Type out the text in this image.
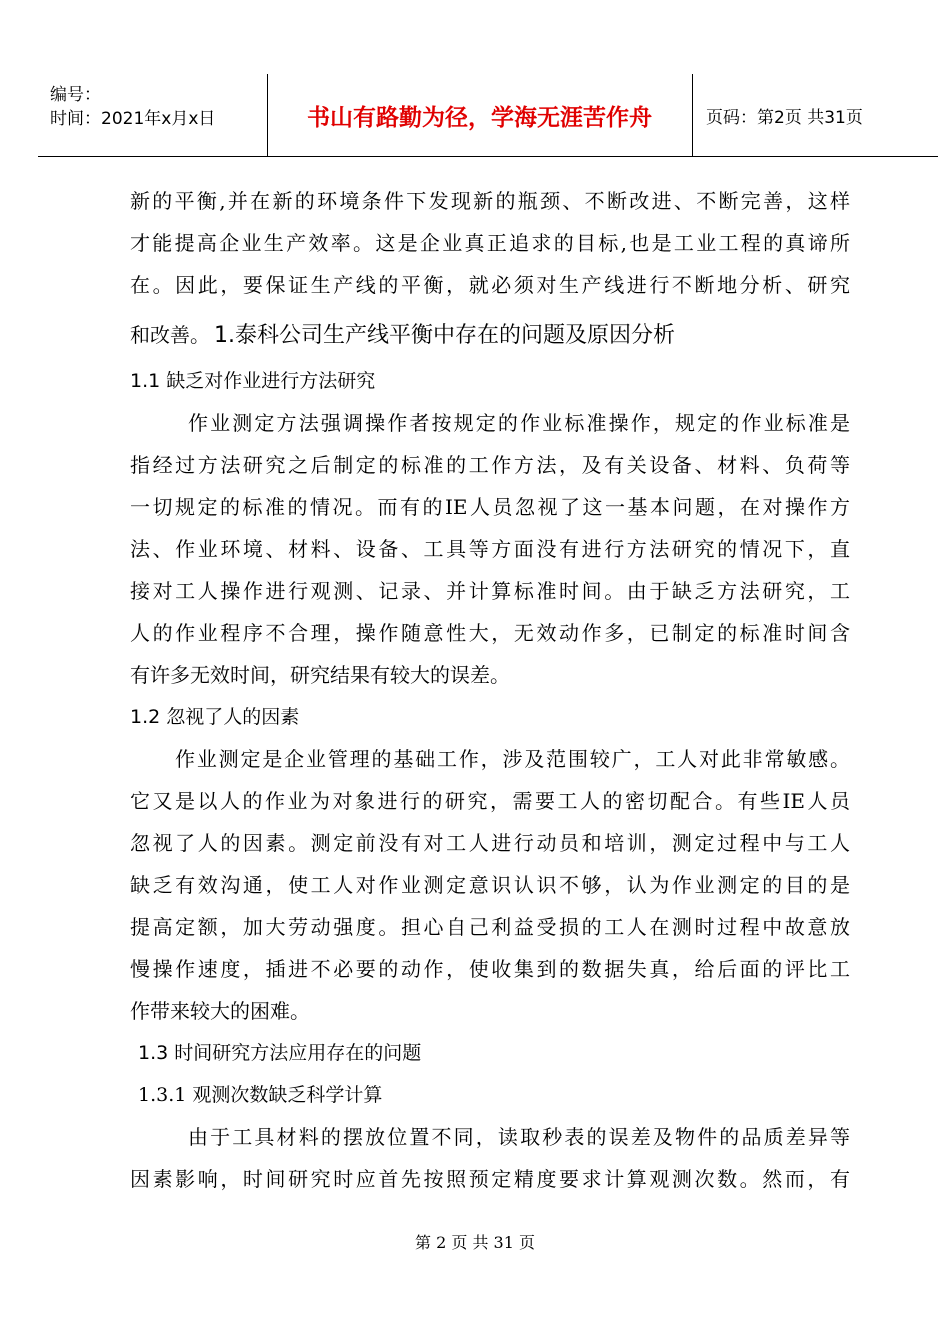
编号：
时间：2021年x月x日	书山有路勤为径，学海无涯苦作舟	页码：第2页 共31页
新的平衡,并在新的环境条件下发现新的瓶颈、不断改进、不断完善，这样
才能提高企业生产效率。这是企业真正追求的目标,也是工业工程的真谛所
在。因此，要保证生产线的平衡，就必须对生产线进行不断地分析、研究
和改善。 1.泰科公司生产线平衡中存在的问题及原因分析
1.1 缺乏对作业进行方法研究
作业测定方法强调操作者按规定的作业标准操作，规定的作业标准是
指经过方法研究之后制定的标准的工作方法，及有关设备、材料、负荷等
一切规定的标准的情况。而有的IE人员忽视了这一基本问题，在对操作方
法、作业环境、材料、设备、工具等方面没有进行方法研究的情况下，直
接对工人操作进行观测、记录、并计算标准时间。由于缺乏方法研究，工
人的作业程序不合理，操作随意性大，无效动作多，已制定的标准时间含
有许多无效时间，研究结果有较大的误差。
1.2 忽视了人的因素
作业测定是企业管理的基础工作，涉及范围较广，工人对此非常敏感。
它又是以人的作业为对象进行的研究，需要工人的密切配合。有些IE人员
忽视了人的因素。测定前没有对工人进行动员和培训，测定过程中与工人
缺乏有效沟通，使工人对作业测定意识认识不够，认为作业测定的目的是
提高定额，加大劳动强度。担心自己利益受损的工人在测时过程中故意放
慢操作速度，插进不必要的动作，使收集到的数据失真，给后面的评比工
作带来较大的困难。
1.3 时间研究方法应用存在的问题
1.3.1 观测次数缺乏科学计算
由于工具材料的摆放位置不同，读取秒表的误差及物件的品质差异等
因素影响，时间研究时应首先按照预定精度要求计算观测次数。然而，有
第 2 页 共 31 页
